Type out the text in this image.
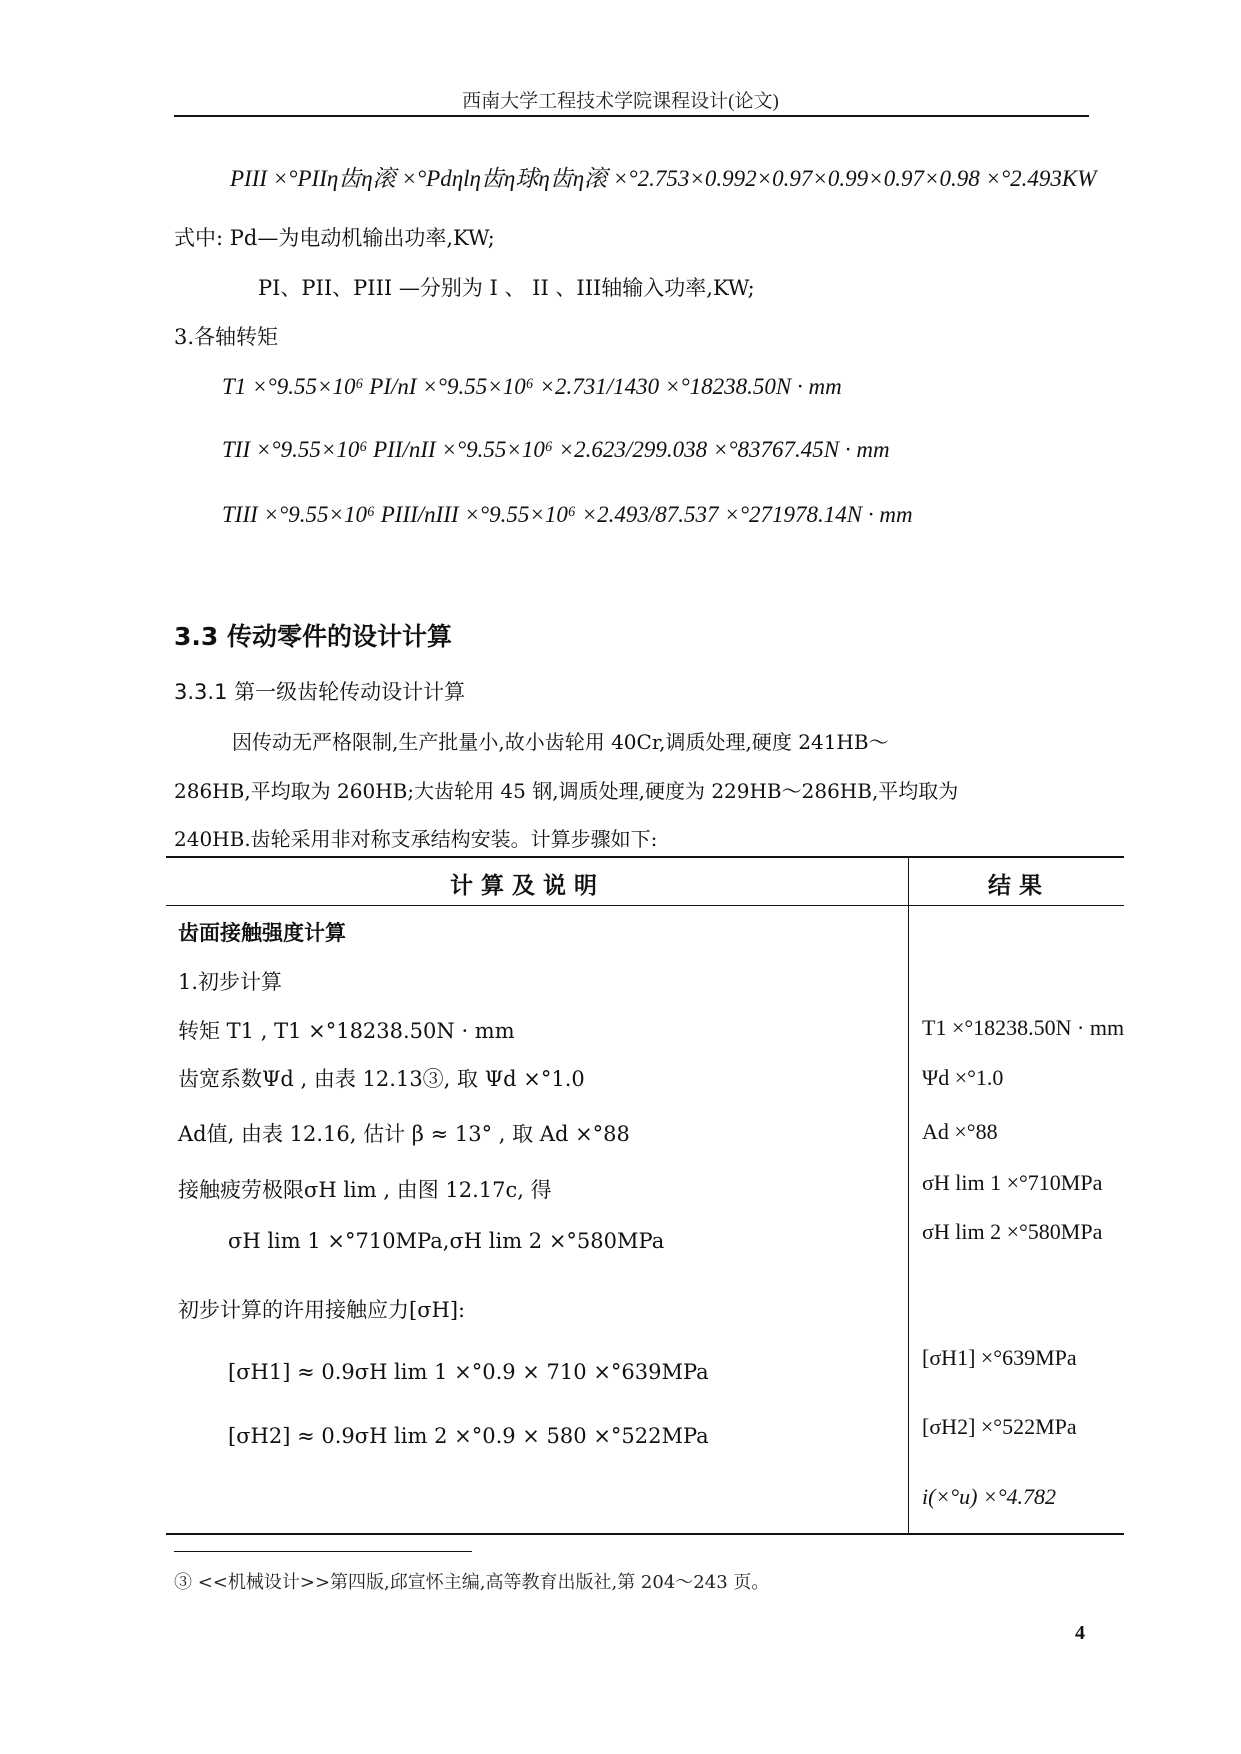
西南大学工程技术学院课程设计(论文)
PIII ×°PIIη齿η滚 ×°Pdηlη齿η球η齿η滚 ×°2.753×0.992×0.97×0.99×0.97×0.98 ×°2.493KW
式中: Pd—为电动机输出功率,KW;
PI、PII、PIII —分别为 I 、 II 、III轴输入功率,KW;
3.各轴转矩
T1 ×°9.55×10⁶ PI/nI ×°9.55×10⁶ ×2.731/1430 ×°18238.50N · mm
TII ×°9.55×10⁶ PII/nII ×°9.55×10⁶ ×2.623/299.038 ×°83767.45N · mm
TIII ×°9.55×10⁶ PIII/nIII ×°9.55×10⁶ ×2.493/87.537 ×°271978.14N · mm
3.3 传动零件的设计计算
3.3.1 第一级齿轮传动设计计算
因传动无严格限制,生产批量小,故小齿轮用 40Cr,调质处理,硬度 241HB～
286HB,平均取为 260HB;大齿轮用 45 钢,调质处理,硬度为 229HB～286HB,平均取为
240HB.齿轮采用非对称支承结构安装。计算步骤如下:
计算及说明	结果
齿面接触强度计算
1.初步计算
转矩 T1 , T1 ×°18238.50N · mm
齿宽系数Ψd , 由表 12.13③, 取 Ψd ×°1.0
Ad值, 由表 12.16, 估计 β ≈ 13° , 取 Ad ×°88
接触疲劳极限σH lim , 由图 12.17c, 得
σH lim 1 ×°710MPa,σH lim 2 ×°580MPa
初步计算的许用接触应力[σH]:
[σH1] ≈ 0.9σH lim 1 ×°0.9 × 710 ×°639MPa
[σH2] ≈ 0.9σH lim 2 ×°0.9 × 580 ×°522MPa
T1 ×°18238.50N · mm
Ψd ×°1.0
Ad ×°88
σH lim 1 ×°710MPa
σH lim 2 ×°580MPa
[σH1] ×°639MPa
[σH2] ×°522MPa
i(×°u) ×°4.782
③ <<机械设计>>第四版,邱宣怀主编,高等教育出版社,第 204～243 页。
4
